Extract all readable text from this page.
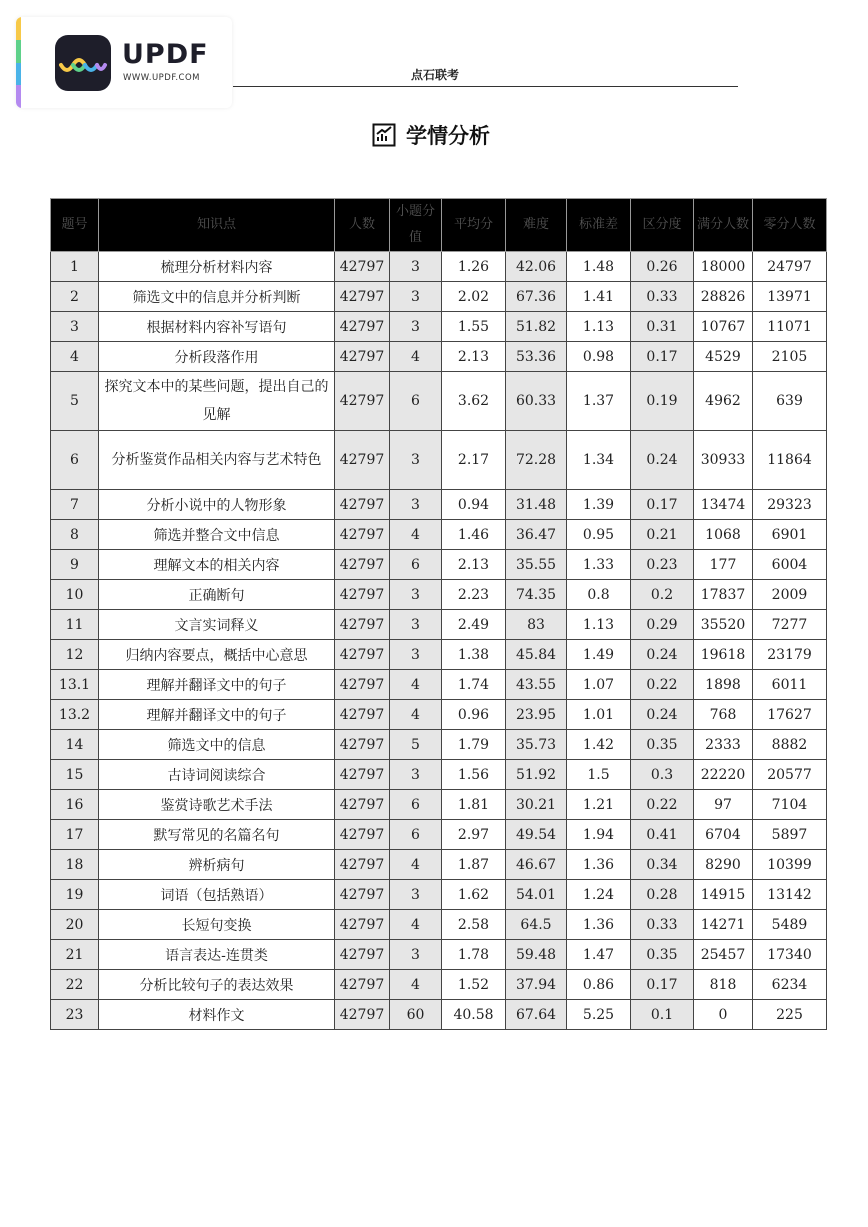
UPDF
WWW.UPDF.COM	点石联考
学情分析
题号	知识点	人数	小题分值	平均分	难度	标准差	区分度	满分人数	零分人数
1	梳理分析材料内容	42797	3	1.26	42.06	1.48	0.26	18000	24797
2	筛选文中的信息并分析判断	42797	3	2.02	67.36	1.41	0.33	28826	13971
3	根据材料内容补写语句	42797	3	1.55	51.82	1.13	0.31	10767	11071
4	分析段落作用	42797	4	2.13	53.36	0.98	0.17	4529	2105
5	探究文本中的某些问题，提出自己的见解	42797	6	3.62	60.33	1.37	0.19	4962	639
6	分析鉴赏作品相关内容与艺术特色	42797	3	2.17	72.28	1.34	0.24	30933	11864
7	分析小说中的人物形象	42797	3	0.94	31.48	1.39	0.17	13474	29323
8	筛选并整合文中信息	42797	4	1.46	36.47	0.95	0.21	1068	6901
9	理解文本的相关内容	42797	6	2.13	35.55	1.33	0.23	177	6004
10	正确断句	42797	3	2.23	74.35	0.8	0.2	17837	2009
11	文言实词释义	42797	3	2.49	83	1.13	0.29	35520	7277
12	归纳内容要点，概括中心意思	42797	3	1.38	45.84	1.49	0.24	19618	23179
13.1	理解并翻译文中的句子	42797	4	1.74	43.55	1.07	0.22	1898	6011
13.2	理解并翻译文中的句子	42797	4	0.96	23.95	1.01	0.24	768	17627
14	筛选文中的信息	42797	5	1.79	35.73	1.42	0.35	2333	8882
15	古诗词阅读综合	42797	3	1.56	51.92	1.5	0.3	22220	20577
16	鉴赏诗歌艺术手法	42797	6	1.81	30.21	1.21	0.22	97	7104
17	默写常见的名篇名句	42797	6	2.97	49.54	1.94	0.41	6704	5897
18	辨析病句	42797	4	1.87	46.67	1.36	0.34	8290	10399
19	词语（包括熟语）	42797	3	1.62	54.01	1.24	0.28	14915	13142
20	长短句变换	42797	4	2.58	64.5	1.36	0.33	14271	5489
21	语言表达-连贯类	42797	3	1.78	59.48	1.47	0.35	25457	17340
22	分析比较句子的表达效果	42797	4	1.52	37.94	0.86	0.17	818	6234
23	材料作文	42797	60	40.58	67.64	5.25	0.1	0	225
